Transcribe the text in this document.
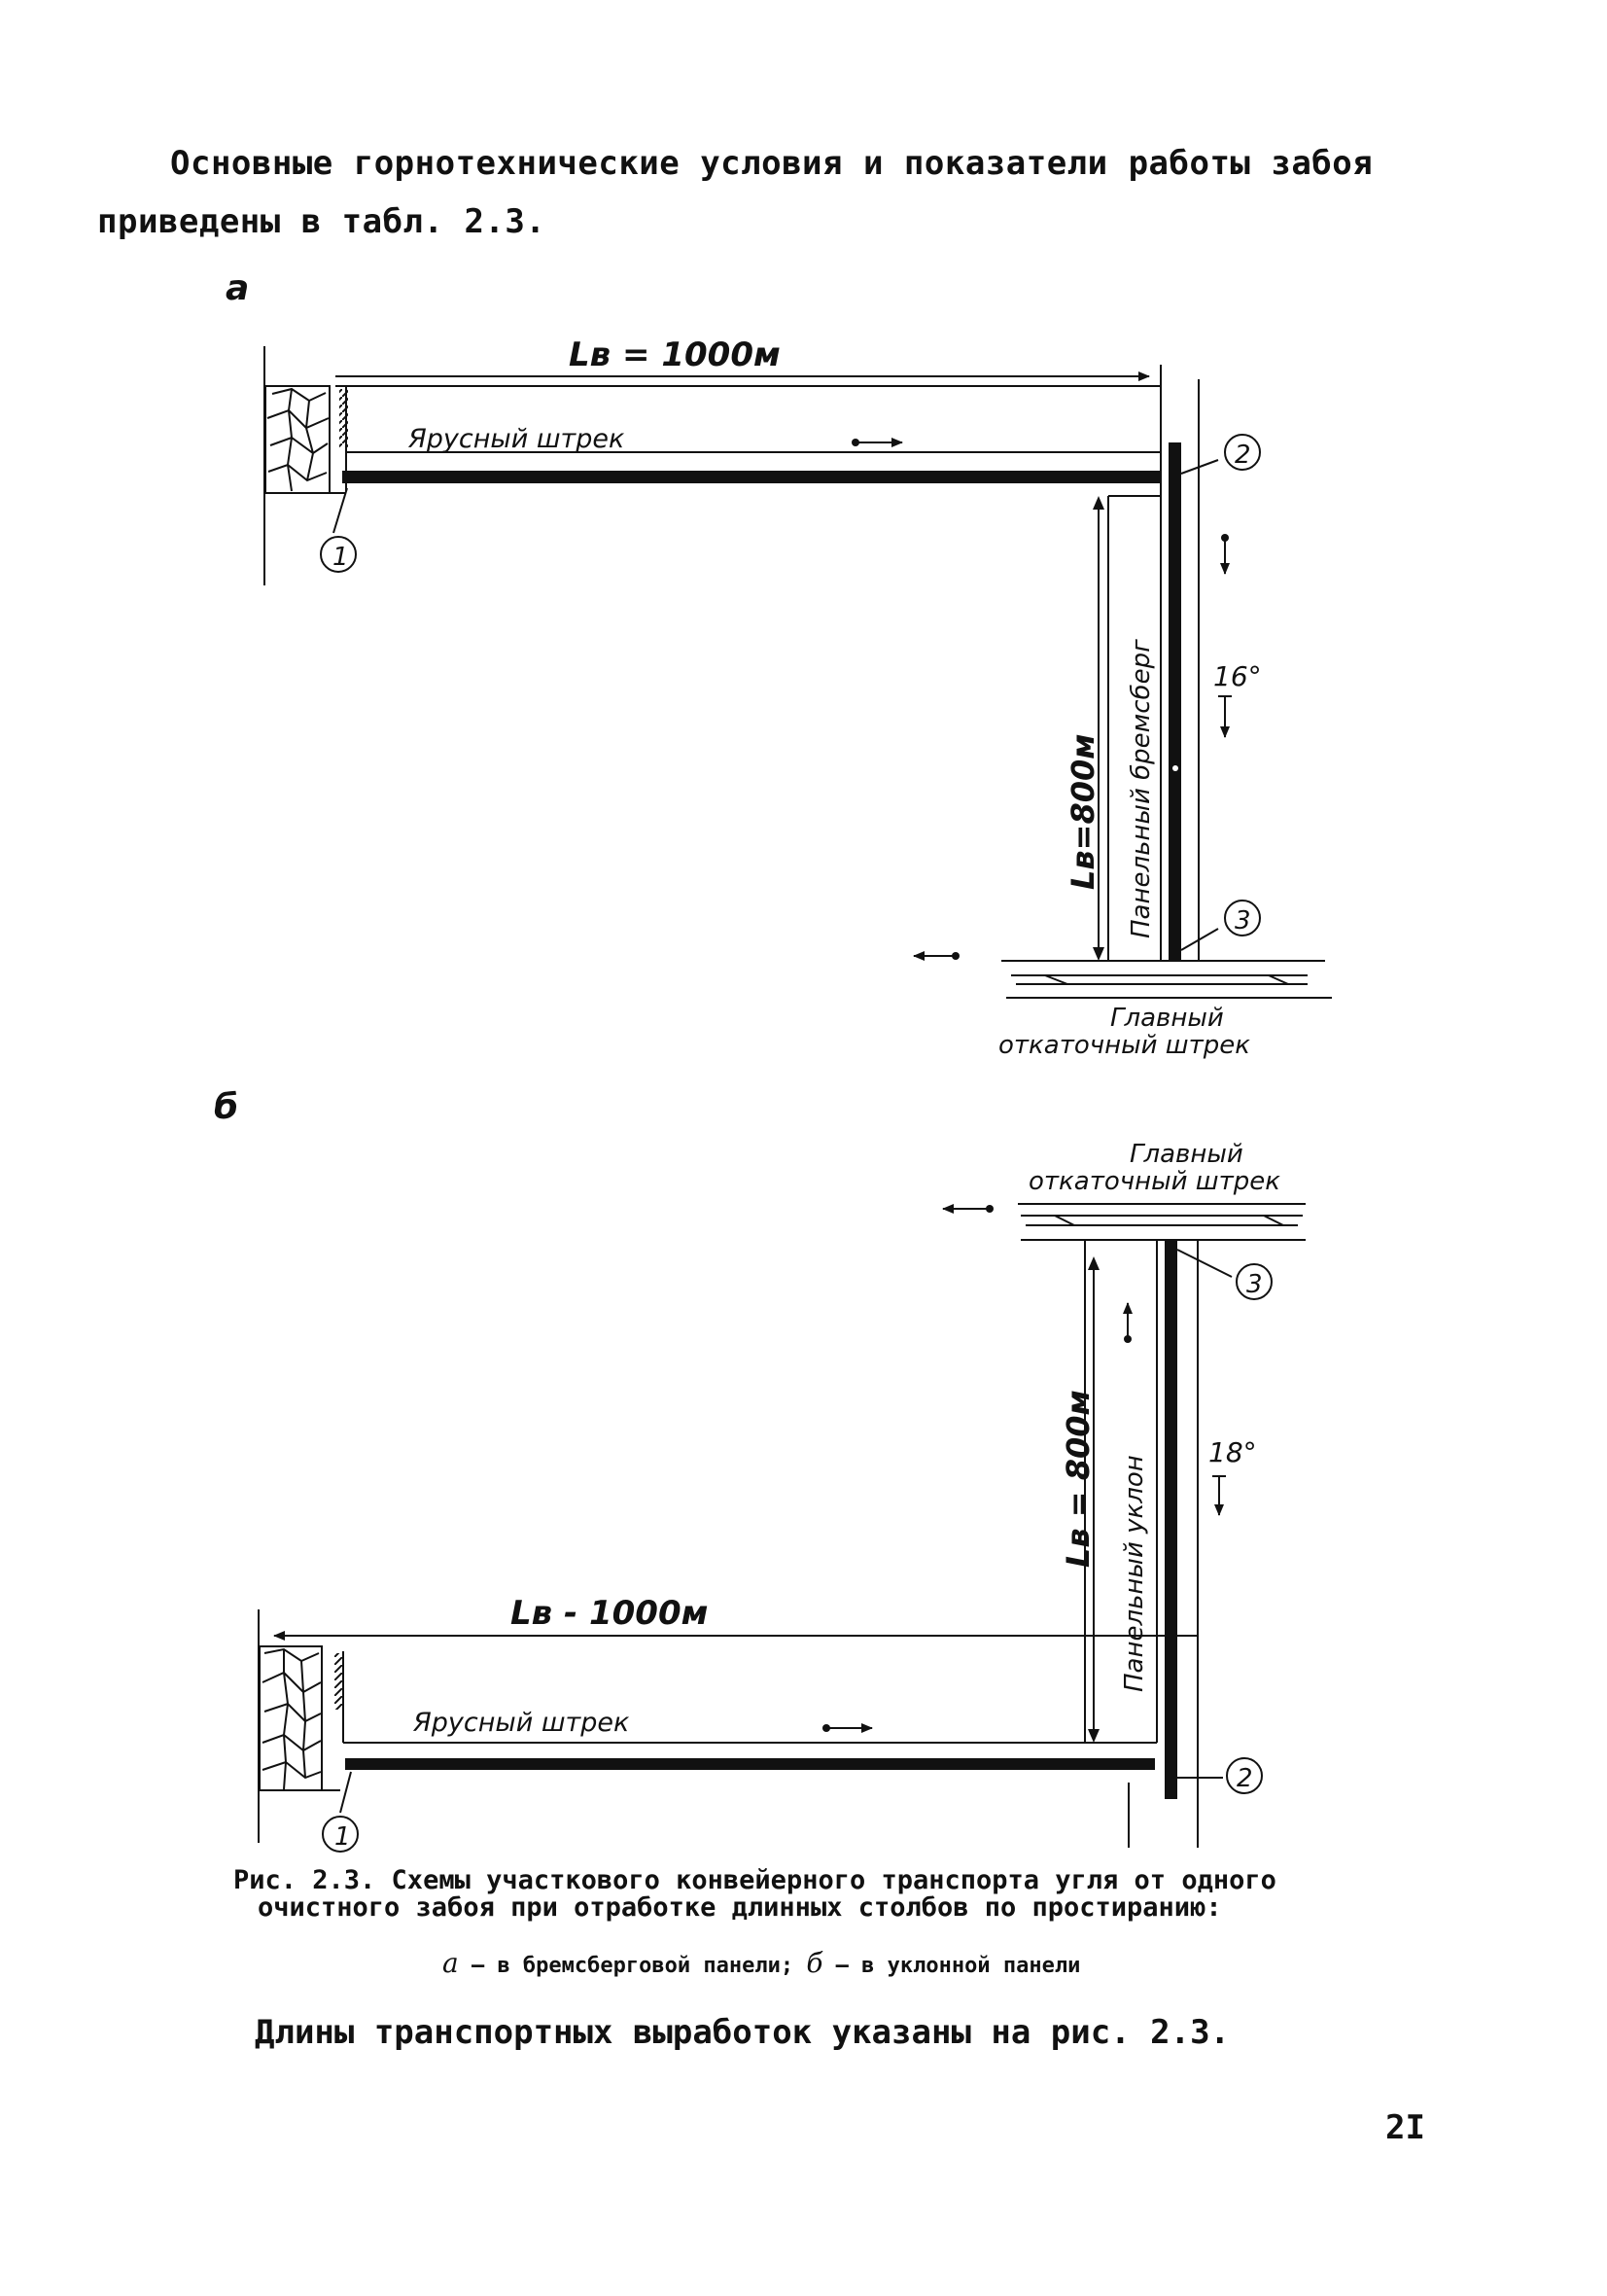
Основные горнотехнические условия и показатели работы забоя
приведены в табл. 2.3.
а
Lв = 1000м
Ярусный штрек
1
2
Lв=800м Панельный бремсберг 16°
3
Главный
откаточный штрек
б
Главный
откаточный штрек
3
Lв = 800м Панельный уклон
18°
Lв - 1000м
Ярусный штрек
2
1
Рис. 2.3. Схемы участкового конвейерного транспорта угля от одного
очистного забоя при отработке длинных столбов по простиранию:
а – в бремсберговой панели; б – в уклонной панели
Длины транспортных выработок указаны на рис. 2.3.
2I
